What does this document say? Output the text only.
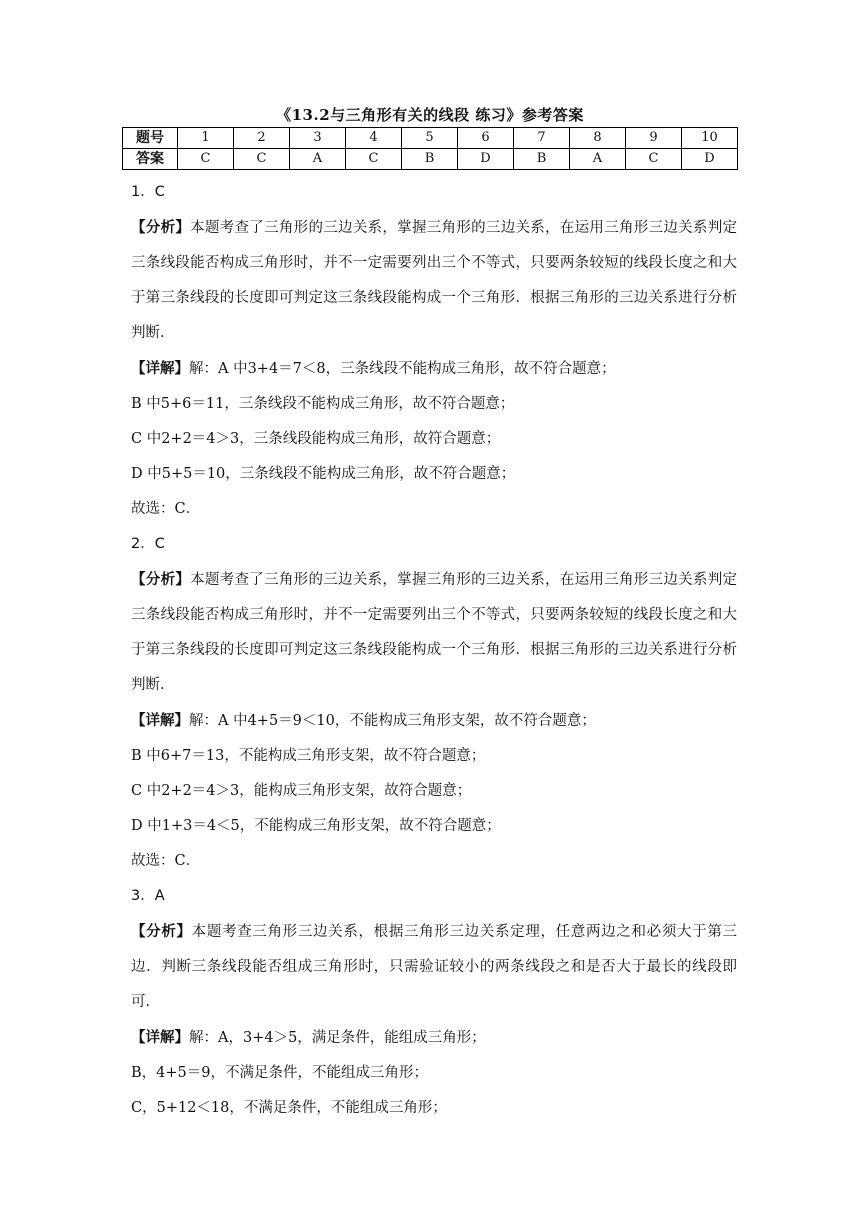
《13.2与三角形有关的线段 练习》参考答案
题号	1	2	3	4	5	6	7	8	9	10
答案	C	C	A	C	B	D	B	A	C	D

1．C

【分析】本题考查了三角形的三边关系，掌握三角形的三边关系，在运用三角形三边关系判定三条线段能否构成三角形时，并不一定需要列出三个不等式，只要两条较短的线段长度之和大于第三条线段的长度即可判定这三条线段能构成一个三角形．根据三角形的三边关系进行分析判断．

【详解】解：A 中3+4＝7＜8，三条线段不能构成三角形，故不符合题意；

B 中5+6＝11，三条线段不能构成三角形，故不符合题意；

C 中2+2＝4＞3，三条线段能构成三角形，故符合题意；

D 中5+5＝10，三条线段不能构成三角形，故不符合题意；

故选：C．

2．C

【分析】本题考查了三角形的三边关系，掌握三角形的三边关系，在运用三角形三边关系判定三条线段能否构成三角形时，并不一定需要列出三个不等式，只要两条较短的线段长度之和大于第三条线段的长度即可判定这三条线段能构成一个三角形．根据三角形的三边关系进行分析判断．

【详解】解：A 中4+5＝9＜10，不能构成三角形支架，故不符合题意；

B 中6+7＝13，不能构成三角形支架，故不符合题意；

C 中2+2＝4＞3，能构成三角形支架，故符合题意；

D 中1+3＝4＜5，不能构成三角形支架，故不符合题意；

故选：C．

3．A

【分析】本题考查三角形三边关系，根据三角形三边关系定理，任意两边之和必须大于第三边．判断三条线段能否组成三角形时，只需验证较小的两条线段之和是否大于最长的线段即可．

【详解】解：A，3+4＞5，满足条件，能组成三角形；

B，4+5＝9，不满足条件，不能组成三角形；

C，5+12＜18，不满足条件，不能组成三角形；
